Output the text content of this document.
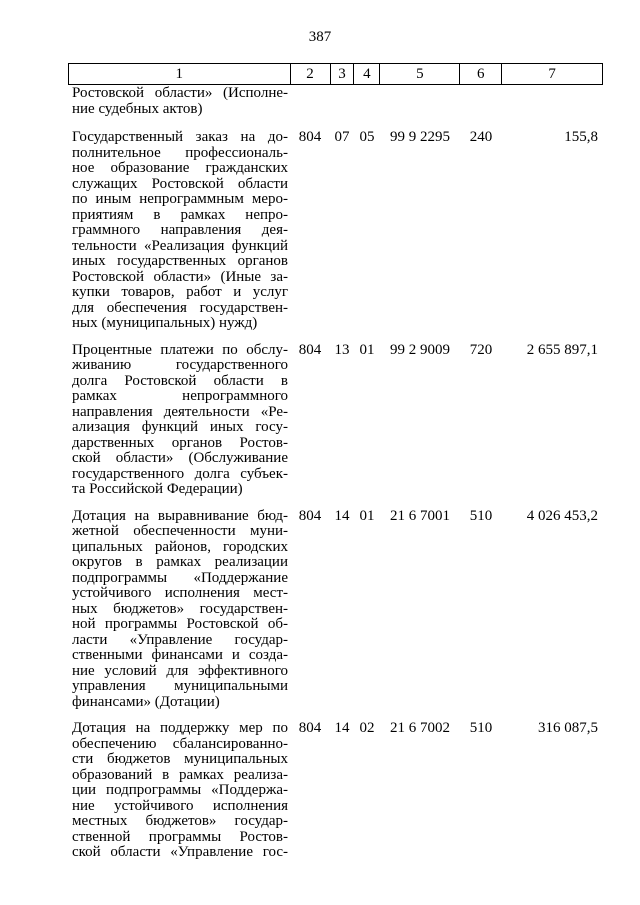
387
1	2	3	4	5	6	7
Ростовской области» (Исполне-
ние судебных актов)
Государственный заказ на до-
полнительное профессиональ-
ное образование гражданских
служащих Ростовской области
по иным непрограммным меро-
приятиям в рамках непро-
граммного направления дея-
тельности «Реализация функций
иных государственных органов
Ростовской области» (Иные за-
купки товаров, работ и услуг
для обеспечения государствен-
ных (муниципальных) нужд)
804 07 05	99 9 2295	240	155,8
Процентные платежи по обслу-
живанию государственного
долга Ростовской области в
рамках непрограммного
направления деятельности «Ре-
ализация функций иных госу-
дарственных органов Ростов-
ской области» (Обслуживание
государственного долга субъек-
та Российской Федерации)
804 13 01	99 2 9009	720	2 655 897,1
Дотация на выравнивание бюд-
жетной обеспеченности муни-
ципальных районов, городских
округов в рамках реализации
подпрограммы «Поддержание
устойчивого исполнения мест-
ных бюджетов» государствен-
ной программы Ростовской об-
ласти «Управление государ-
ственными финансами и созда-
ние условий для эффективного
управления муниципальными
финансами» (Дотации)
804 14 01	21 6 7001	510	4 026 453,2
Дотация на поддержку мер по
обеспечению сбалансированно-
сти бюджетов муниципальных
образований в рамках реализа-
ции подпрограммы «Поддержа-
ние устойчивого исполнения
местных бюджетов» государ-
ственной программы Ростов-
ской области «Управление гос-
804 14 02	21 6 7002	510	316 087,5
